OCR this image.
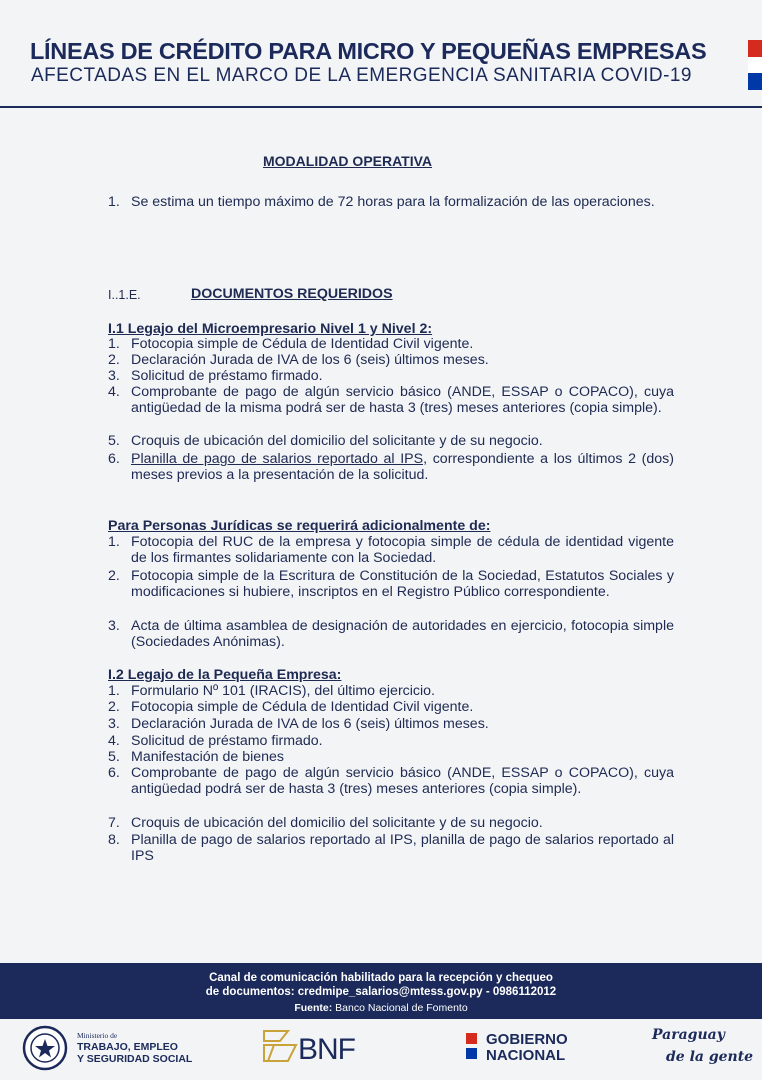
LÍNEAS DE CRÉDITO PARA MICRO Y PEQUEÑAS EMPRESAS
AFECTADAS EN EL MARCO DE LA EMERGENCIA SANITARIA COVID-19
MODALIDAD OPERATIVA
1. Se estima un tiempo máximo de 72 horas para la formalización de las operaciones.
I..1.E.	DOCUMENTOS REQUERIDOS
I.1 Legajo del Microempresario Nivel 1 y Nivel 2:
1. Fotocopia simple de Cédula de Identidad Civil vigente.
2. Declaración Jurada de IVA de los 6 (seis) últimos meses.
3. Solicitud de préstamo firmado.
4. Comprobante de pago de algún servicio básico (ANDE, ESSAP o COPACO), cuya antigüedad de la misma podrá ser de hasta 3 (tres) meses anteriores (copia simple).
5. Croquis de ubicación del domicilio del solicitante y de su negocio.
6. Planilla de pago de salarios reportado al IPS, correspondiente a los últimos 2 (dos) meses previos a la presentación de la solicitud.
Para Personas Jurídicas se requerirá adicionalmente de:
1. Fotocopia del RUC de la empresa y fotocopia simple de cédula de identidad vigente de los firmantes solidariamente con la Sociedad.
2. Fotocopia simple de la Escritura de Constitución de la Sociedad, Estatutos Sociales y modificaciones si hubiere, inscriptos en el Registro Público correspondiente.
3. Acta de última asamblea de designación de autoridades en ejercicio, fotocopia simple (Sociedades Anónimas).
I.2 Legajo de la Pequeña Empresa:
1. Formulario Nº 101 (IRACIS), del último ejercicio.
2. Fotocopia simple de Cédula de Identidad Civil vigente.
3. Declaración Jurada de IVA de los 6 (seis) últimos meses.
4. Solicitud de préstamo firmado.
5. Manifestación de bienes
6. Comprobante de pago de algún servicio básico (ANDE, ESSAP o COPACO), cuya antigüedad podrá ser de hasta 3 (tres) meses anteriores (copia simple).
7. Croquis de ubicación del domicilio del solicitante y de su negocio.
8. Planilla de pago de salarios reportado al IPS, planilla de pago de salarios reportado al IPS
Canal de comunicación habilitado para la recepción y chequeo
de documentos: credmipe_salarios@mtess.gov.py - 0986112012
Fuente: Banco Nacional de Fomento
Ministerio de
TRABAJO, EMPLEO
Y SEGURIDAD SOCIAL	BNF	GOBIERNO
NACIONAL
Paraguay
de la gente
